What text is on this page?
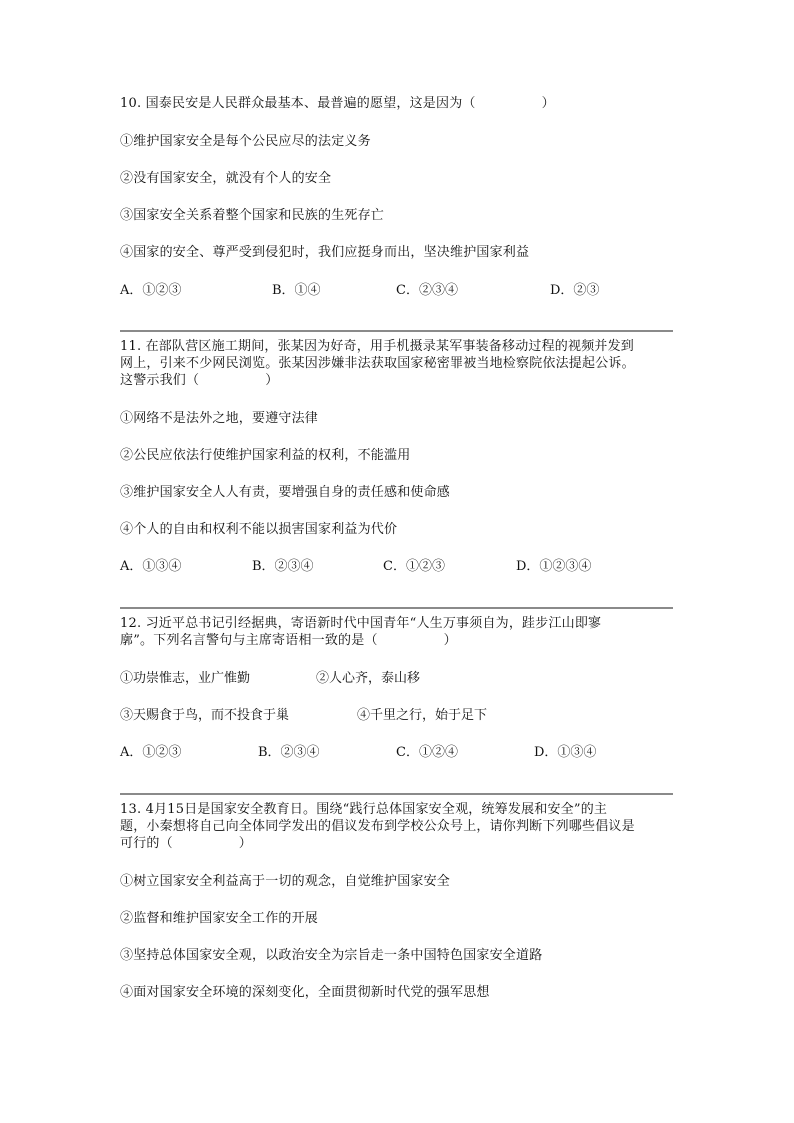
10. 国泰民安是人民群众最基本、最普遍的愿望，这是因为（　　　　　）
①维护国家安全是每个公民应尽的法定义务
②没有国家安全，就没有个人的安全
③国家安全关系着整个国家和民族的生死存亡
④国家的安全、尊严受到侵犯时，我们应挺身而出，坚决维护国家利益
A．①②③	B．①④	C．②③④	D．②③
11. 在部队营区施工期间，张某因为好奇，用手机摄录某军事装备移动过程的视频并发到
网上，引来不少网民浏览。张某因涉嫌非法获取国家秘密罪被当地检察院依法提起公诉。
这警示我们（　　　　　）
①网络不是法外之地，要遵守法律
②公民应依法行使维护国家利益的权利，不能滥用
③维护国家安全人人有责，要增强自身的责任感和使命感
④个人的自由和权利不能以损害国家利益为代价
A．①③④	B．②③④	C．①②③	D．①②③④
12. 习近平总书记引经据典，寄语新时代中国青年“人生万事须自为，跬步江山即寥
廓”。下列名言警句与主席寄语相一致的是（　　　　　）
①功崇惟志，业广惟勤	②人心齐，泰山移
③天赐食于鸟，而不投食于巢	④千里之行，始于足下
A．①②③	B．②③④	C．①②④	D．①③④
13. 4月15日是国家安全教育日。围绕“践行总体国家安全观，统筹发展和安全”的主
题，小秦想将自己向全体同学发出的倡议发布到学校公众号上，请你判断下列哪些倡议是
可行的（　　　　　）
①树立国家安全利益高于一切的观念，自觉维护国家安全
②监督和维护国家安全工作的开展
③坚持总体国家安全观，以政治安全为宗旨走一条中国特色国家安全道路
④面对国家安全环境的深刻变化，全面贯彻新时代党的强军思想
